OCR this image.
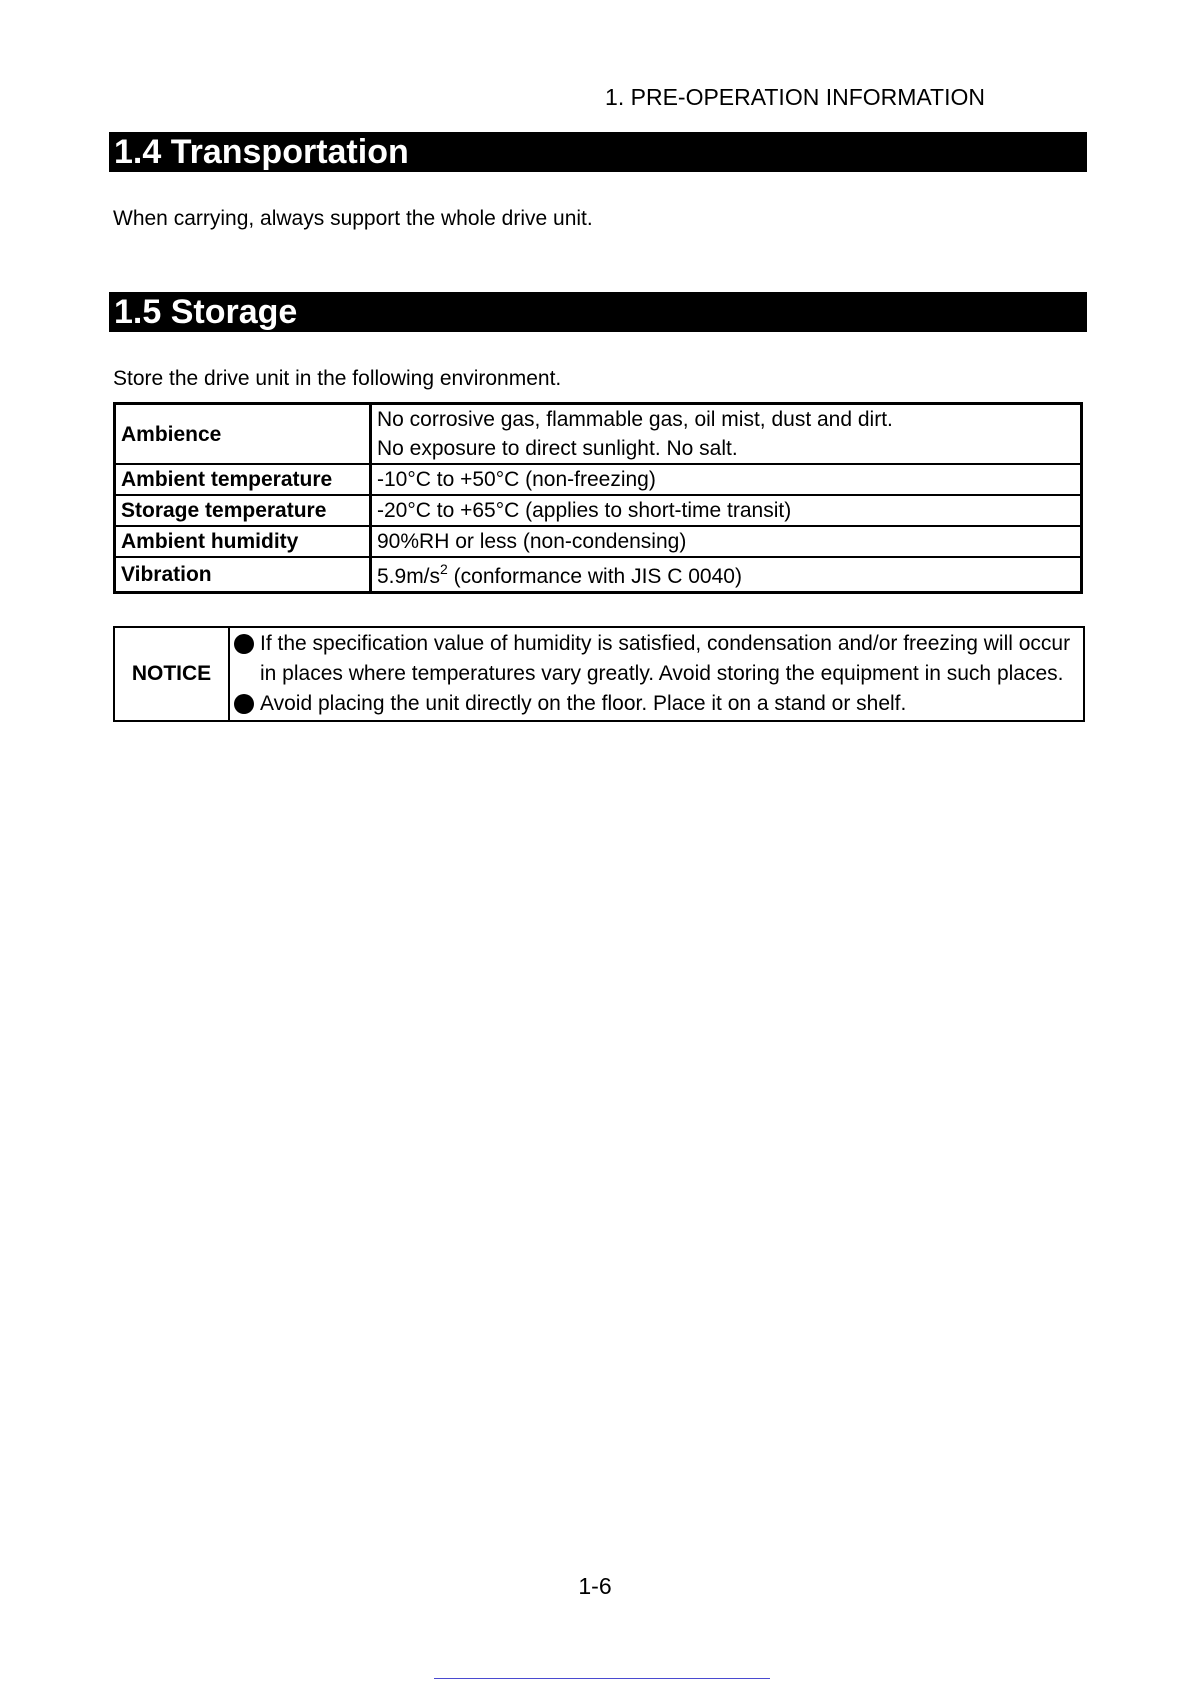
1. PRE-OPERATION INFORMATION
1.4 Transportation
When carrying, always support the whole drive unit.
1.5 Storage
Store the drive unit in the following environment.
Ambience	No corrosive gas, flammable gas, oil mist, dust and dirt.
No exposure to direct sunlight. No salt.

Ambient temperature	-10°C to +50°C (non-freezing)
Storage temperature	-20°C to +65°C (applies to short-time transit)
Ambient humidity	90%RH or less (non-condensing)
Vibration	$5.9m/s^2$ (conformance with JIS C 0040)
NOTICE	
If the specification value of humidity is satisfied, condensation and/or freezing will occur in places where temperatures vary greatly. Avoid storing the equipment in such places.
Avoid placing the unit directly on the floor. Place it on a stand or shelf.
1-6
